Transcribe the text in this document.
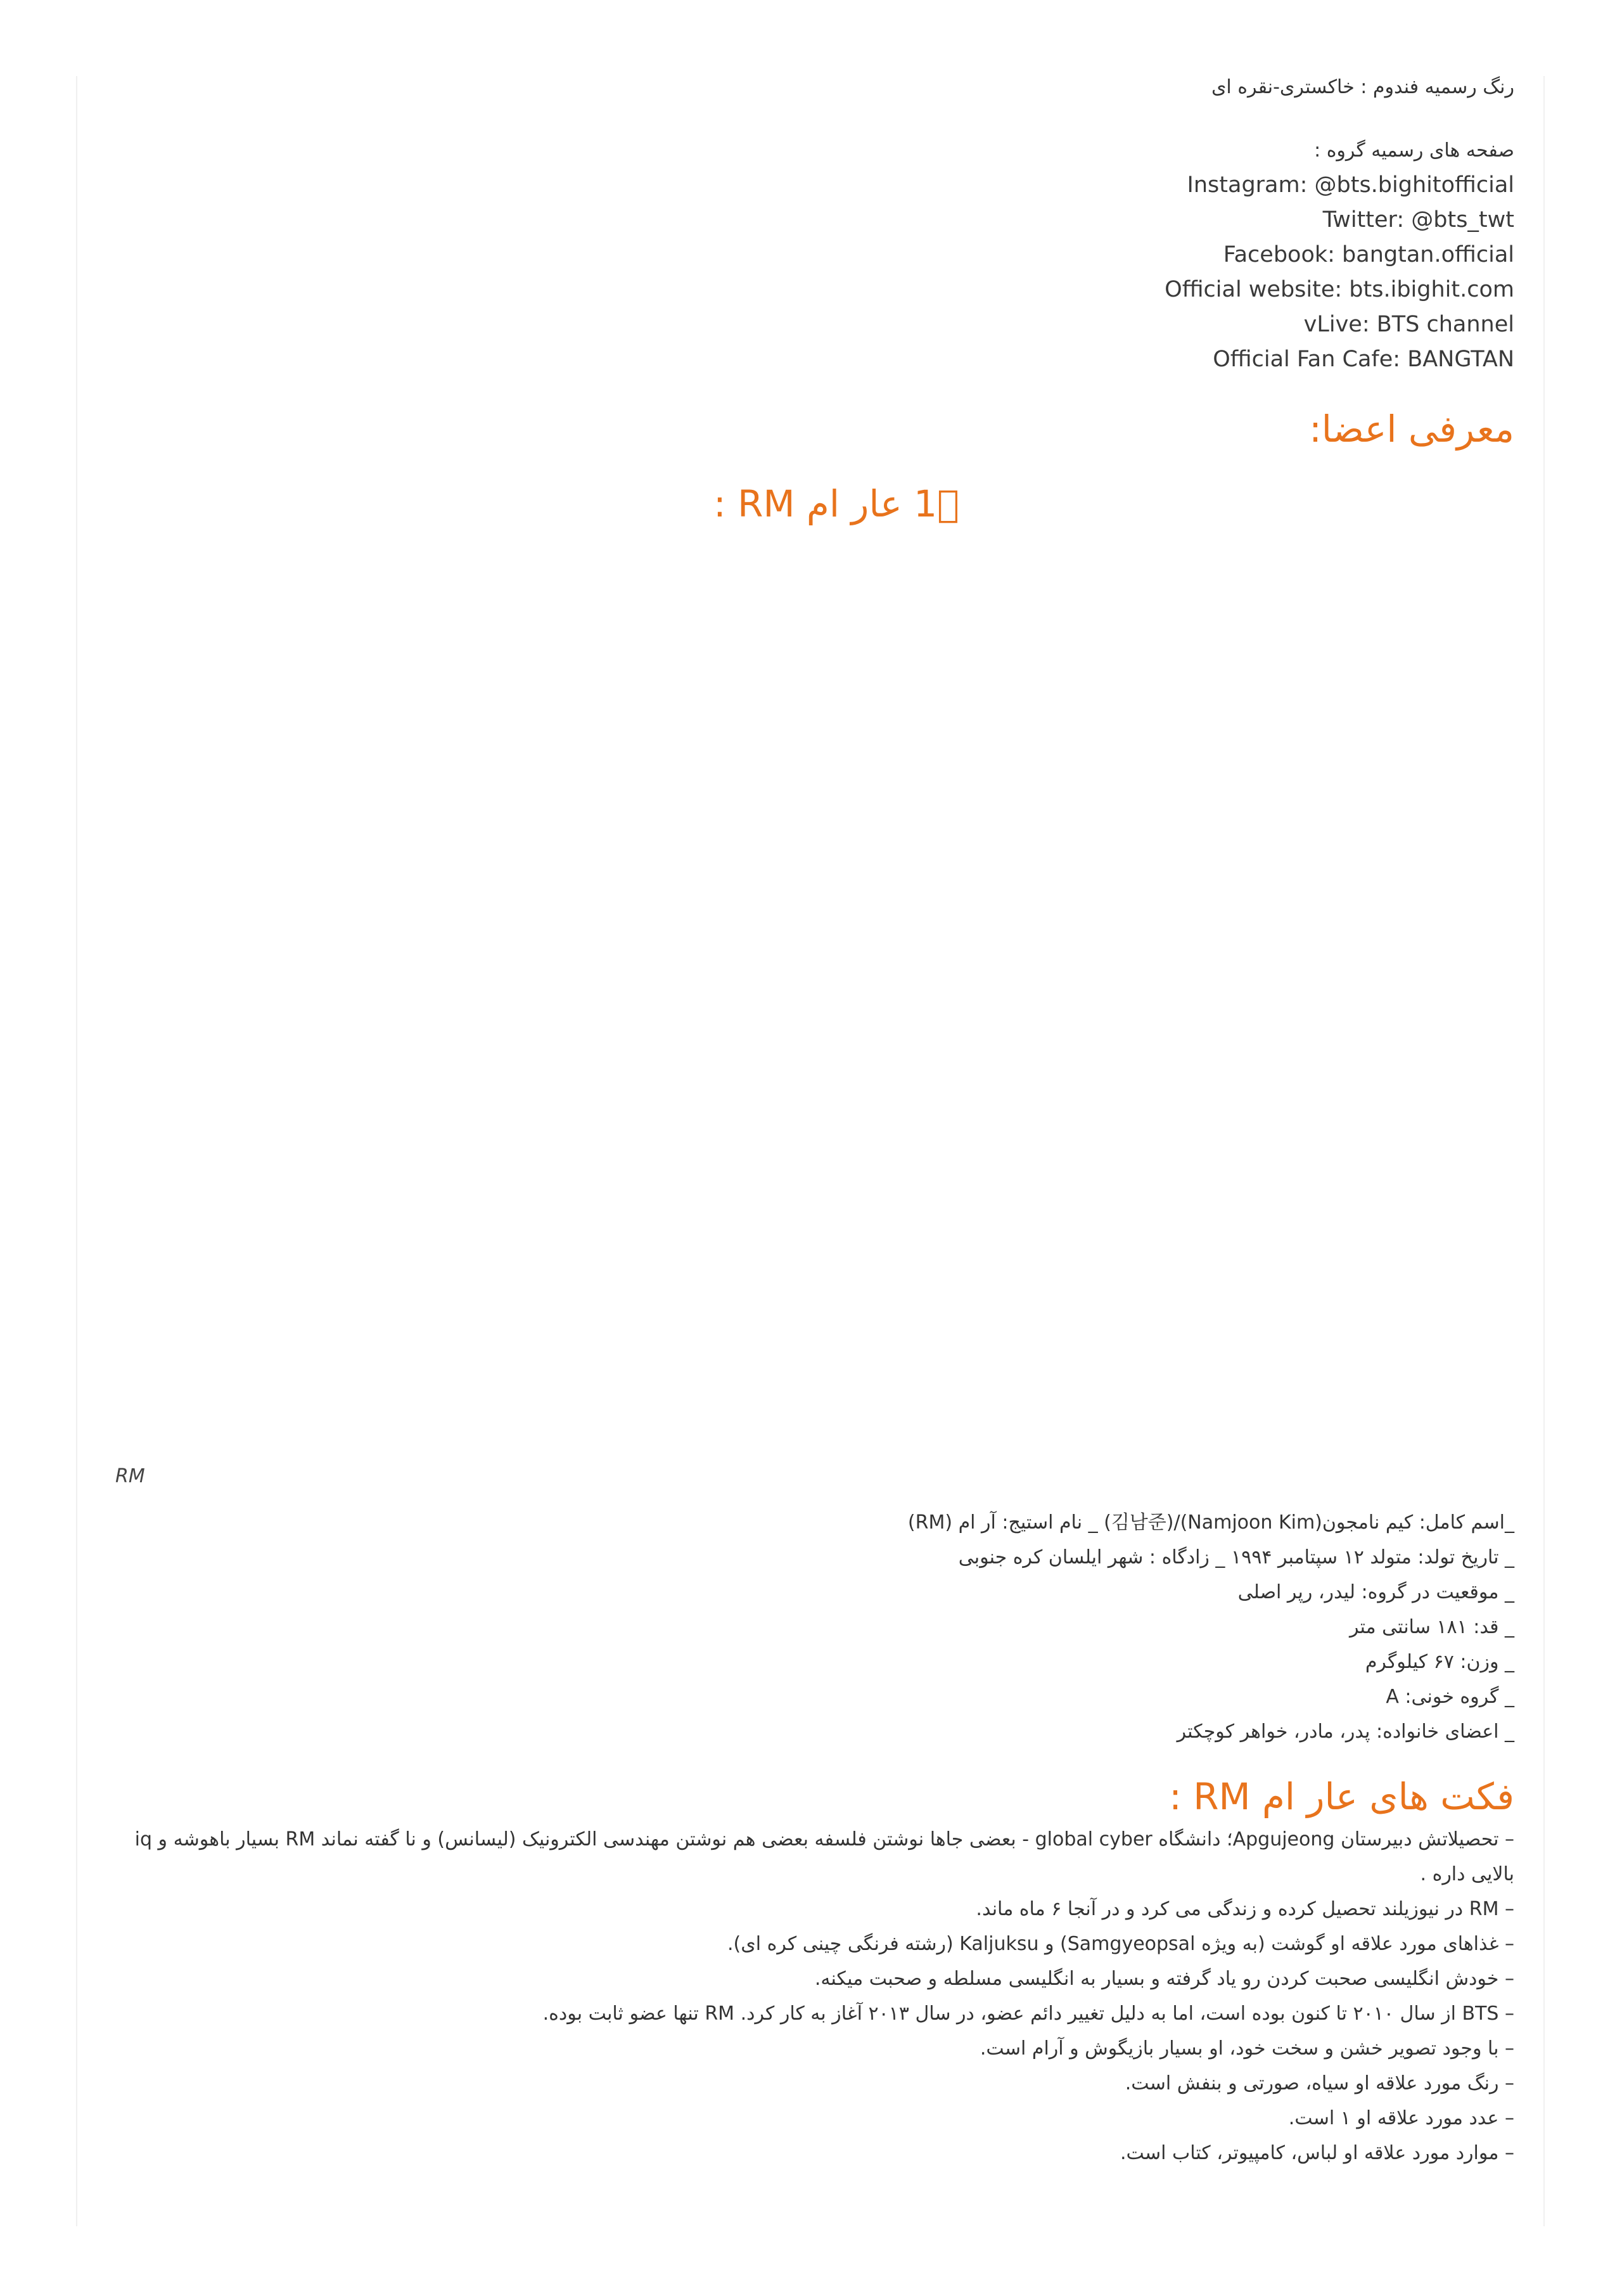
رنگ رسمیه فندوم : خاکستری-نقره ای
صفحه های رسمیه گروه :
Instagram: @bts.bighitofficial
Twitter: @bts_twt
Facebook: bangtan.official
Official website: bts.ibighit.com
vLive: BTS channel
Official Fan Cafe: BANGTAN
معرفی اعضا:
1⃣ عار ام RM :
RM
_اسم کامل: کیم نامجون(Namjoon Kim)/(김남준) _ نام استیج: آر ام (RM)
_ تاریخ تولد: متولد ۱۲ سپتامبر ۱۹۹۴ _ زادگاه : شهر ایلسان کره جنوبی
_ موقعیت در گروه: لیدر، رپر اصلی
_ قد: ۱۸۱ سانتی متر
_ وزن: ۶۷ کیلوگرم
_ گروه خونی: A
_ اعضای خانواده: پدر، مادر، خواهر کوچکتر
فکت های عار ام RM :
– تحصیلاتش دبیرستان Apgujeong؛ دانشگاه global cyber - بعضی جاها نوشتن فلسفه بعضی هم نوشتن مهندسی الکترونیک (لیسانس) و نا گفته نماند RM بسیار باهوشه و iq بالایی داره .
– RM در نیوزیلند تحصیل کرده و زندگی می کرد و در آنجا ۶ ماه ماند.
– غذاهای مورد علاقه او گوشت (به ویژه Samgyeopsal) و Kaljuksu (رشته فرنگی چینی کره ای).
– خودش انگلیسی صحبت کردن رو یاد گرفته و بسیار به انگلیسی مسلطه و صحبت میکنه.
– BTS از سال ۲۰۱۰ تا کنون بوده است، اما به دلیل تغییر دائم عضو، در سال ۲۰۱۳ آغاز به کار کرد. RM تنها عضو ثابت بوده.
– با وجود تصویر خشن و سخت خود، او بسیار بازیگوش و آرام است.
– رنگ مورد علاقه او سیاه، صورتی و بنفش است.
– عدد مورد علاقه او ۱ است.
– موارد مورد علاقه او لباس، کامپیوتر، کتاب است.
